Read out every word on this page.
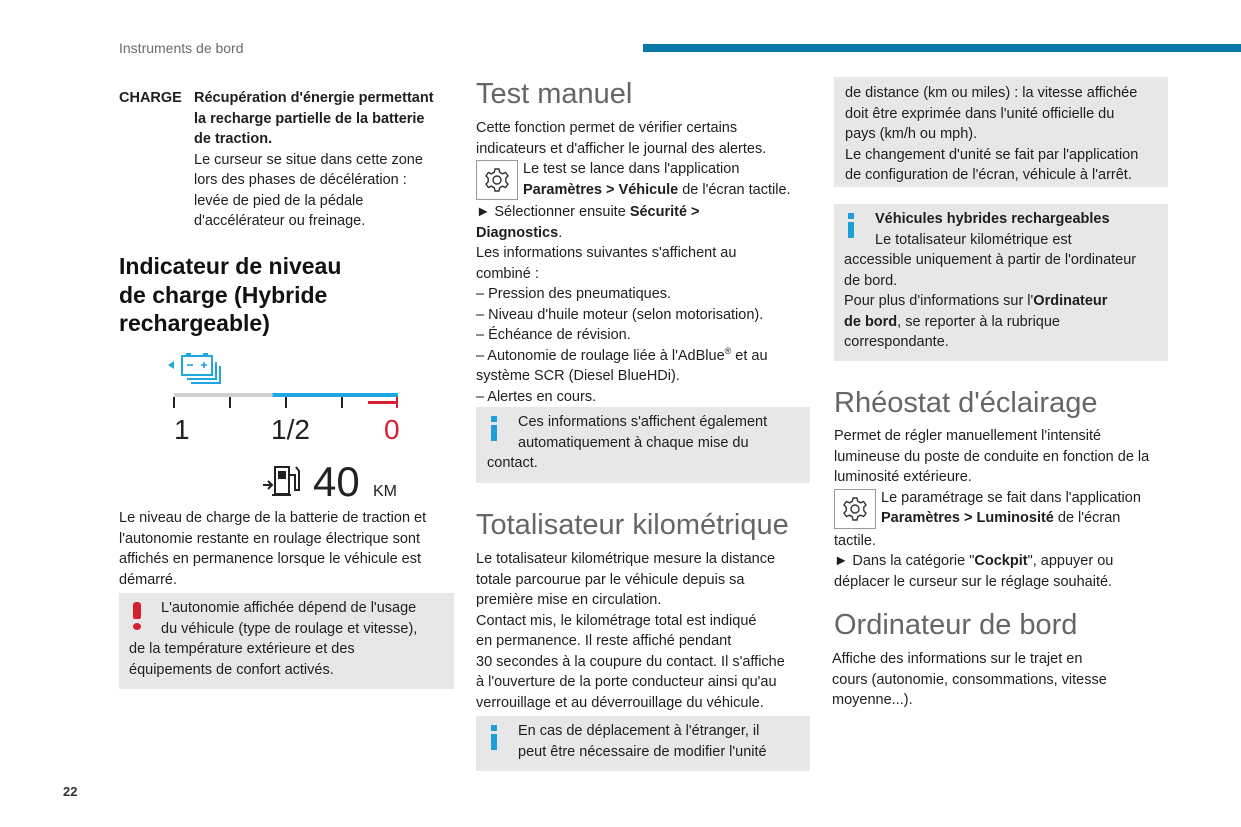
Instruments de bord
22
CHARGE Récupération d'énergie permettant
la recharge partielle de la batterie
de traction.
Le curseur se situe dans cette zone
lors des phases de décélération :
levée de pied de la pédale
d'accélérateur ou freinage.
Indicateur de niveau
de charge (Hybride
rechargeable)
1	1/2	0
40 KM
Le niveau de charge de la batterie de traction et
l'autonomie restante en roulage électrique sont
affichés en permanence lorsque le véhicule est
démarré.
L'autonomie affichée dépend de l'usage
du véhicule (type de roulage et vitesse),
de la température extérieure et des
équipements de confort activés.
Test manuel
Cette fonction permet de vérifier certains
indicateurs et d'afficher le journal des alertes.
Le test se lance dans l'application
Paramètres > Véhicule de l'écran tactile.
► Sélectionner ensuite Sécurité >
Diagnostics.
Les informations suivantes s'affichent au
combiné :
– Pression des pneumatiques.
– Niveau d'huile moteur (selon motorisation).
– Échéance de révision.
– Autonomie de roulage liée à l'AdBlue® et au
système SCR (Diesel BlueHDi).
– Alertes en cours.
Ces informations s'affichent également
automatiquement à chaque mise du
contact.
Totalisateur kilométrique
Le totalisateur kilométrique mesure la distance
totale parcourue par le véhicule depuis sa
première mise en circulation.
Contact mis, le kilométrage total est indiqué
en permanence. Il reste affiché pendant
30 secondes à la coupure du contact. Il s'affiche
à l'ouverture de la porte conducteur ainsi qu'au
verrouillage et au déverrouillage du véhicule.
En cas de déplacement à l'étranger, il
peut être nécessaire de modifier l'unité
de distance (km ou miles) : la vitesse affichée
doit être exprimée dans l'unité officielle du
pays (km/h ou mph).
Le changement d'unité se fait par l'application
de configuration de l'écran, véhicule à l'arrêt.
Véhicules hybrides rechargeables
Le totalisateur kilométrique est
accessible uniquement à partir de l'ordinateur
de bord.
Pour plus d'informations sur l'Ordinateur
de bord, se reporter à la rubrique
correspondante.
Rhéostat d'éclairage
Permet de régler manuellement l'intensité
lumineuse du poste de conduite en fonction de la
luminosité extérieure.
Le paramétrage se fait dans l'application
Paramètres > Luminosité de l'écran
tactile.
► Dans la catégorie "Cockpit", appuyer ou
déplacer le curseur sur le réglage souhaité.
Ordinateur de bord
Affiche des informations sur le trajet en
cours (autonomie, consommations, vitesse
moyenne...).
